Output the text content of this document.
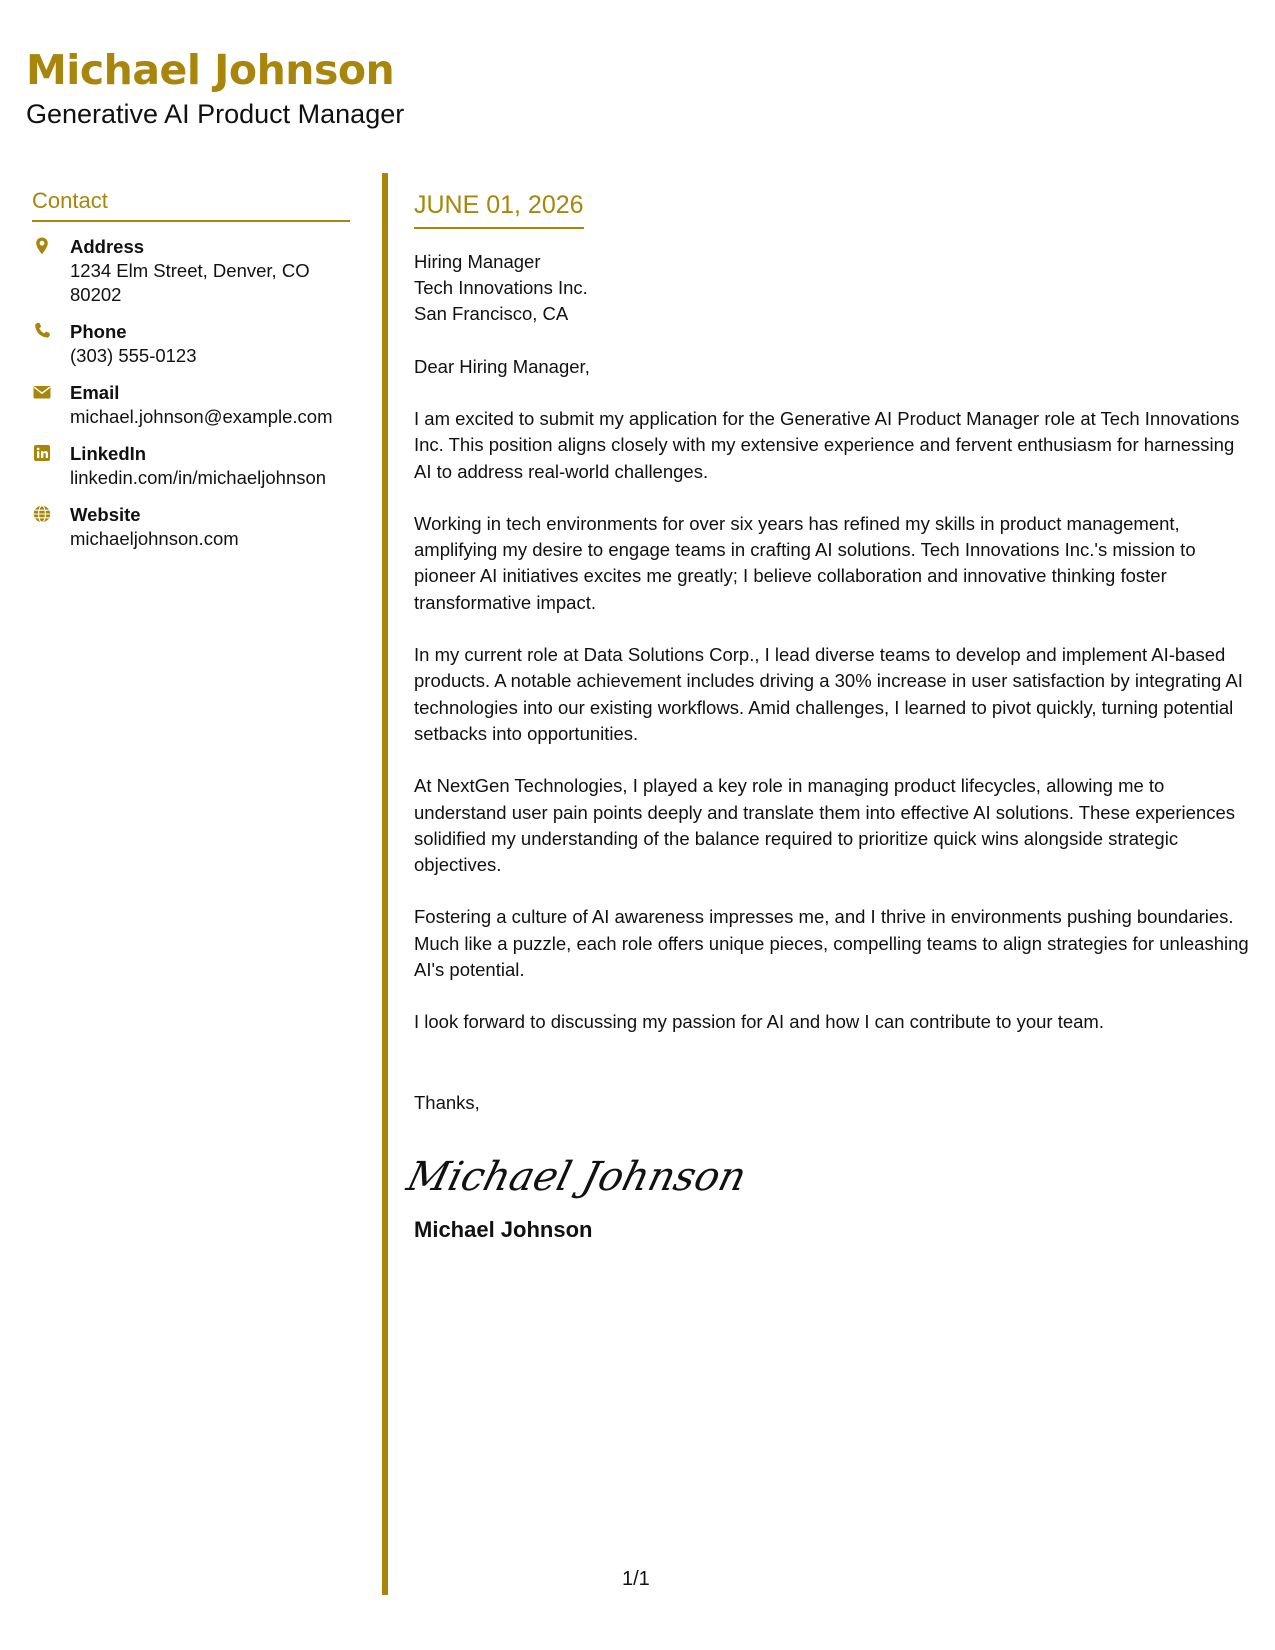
Michael Johnson
Generative AI Product Manager
Contact
Address
1234 Elm Street, Denver, CO 80202
Phone
(303) 555-0123
Email
michael.johnson@example.com
LinkedIn
linkedin.com/in/michaeljohnson
Website
michaeljohnson.com
JUNE 01, 2026
Hiring Manager
Tech Innovations Inc.
San Francisco, CA
Dear Hiring Manager,
I am excited to submit my application for the Generative AI Product Manager role at Tech Innovations Inc. This position aligns closely with my extensive experience and fervent enthusiasm for harnessing AI to address real-world challenges.
Working in tech environments for over six years has refined my skills in product management, amplifying my desire to engage teams in crafting AI solutions. Tech Innovations Inc.'s mission to pioneer AI initiatives excites me greatly; I believe collaboration and innovative thinking foster transformative impact.
In my current role at Data Solutions Corp., I lead diverse teams to develop and implement AI-based products. A notable achievement includes driving a 30% increase in user satisfaction by integrating AI technologies into our existing workflows. Amid challenges, I learned to pivot quickly, turning potential setbacks into opportunities.
At NextGen Technologies, I played a key role in managing product lifecycles, allowing me to understand user pain points deeply and translate them into effective AI solutions. These experiences solidified my understanding of the balance required to prioritize quick wins alongside strategic objectives.
Fostering a culture of AI awareness impresses me, and I thrive in environments pushing boundaries. Much like a puzzle, each role offers unique pieces, compelling teams to align strategies for unleashing AI's potential.
I look forward to discussing my passion for AI and how I can contribute to your team.
Thanks,
Michael Johnson
Michael Johnson
1/1
